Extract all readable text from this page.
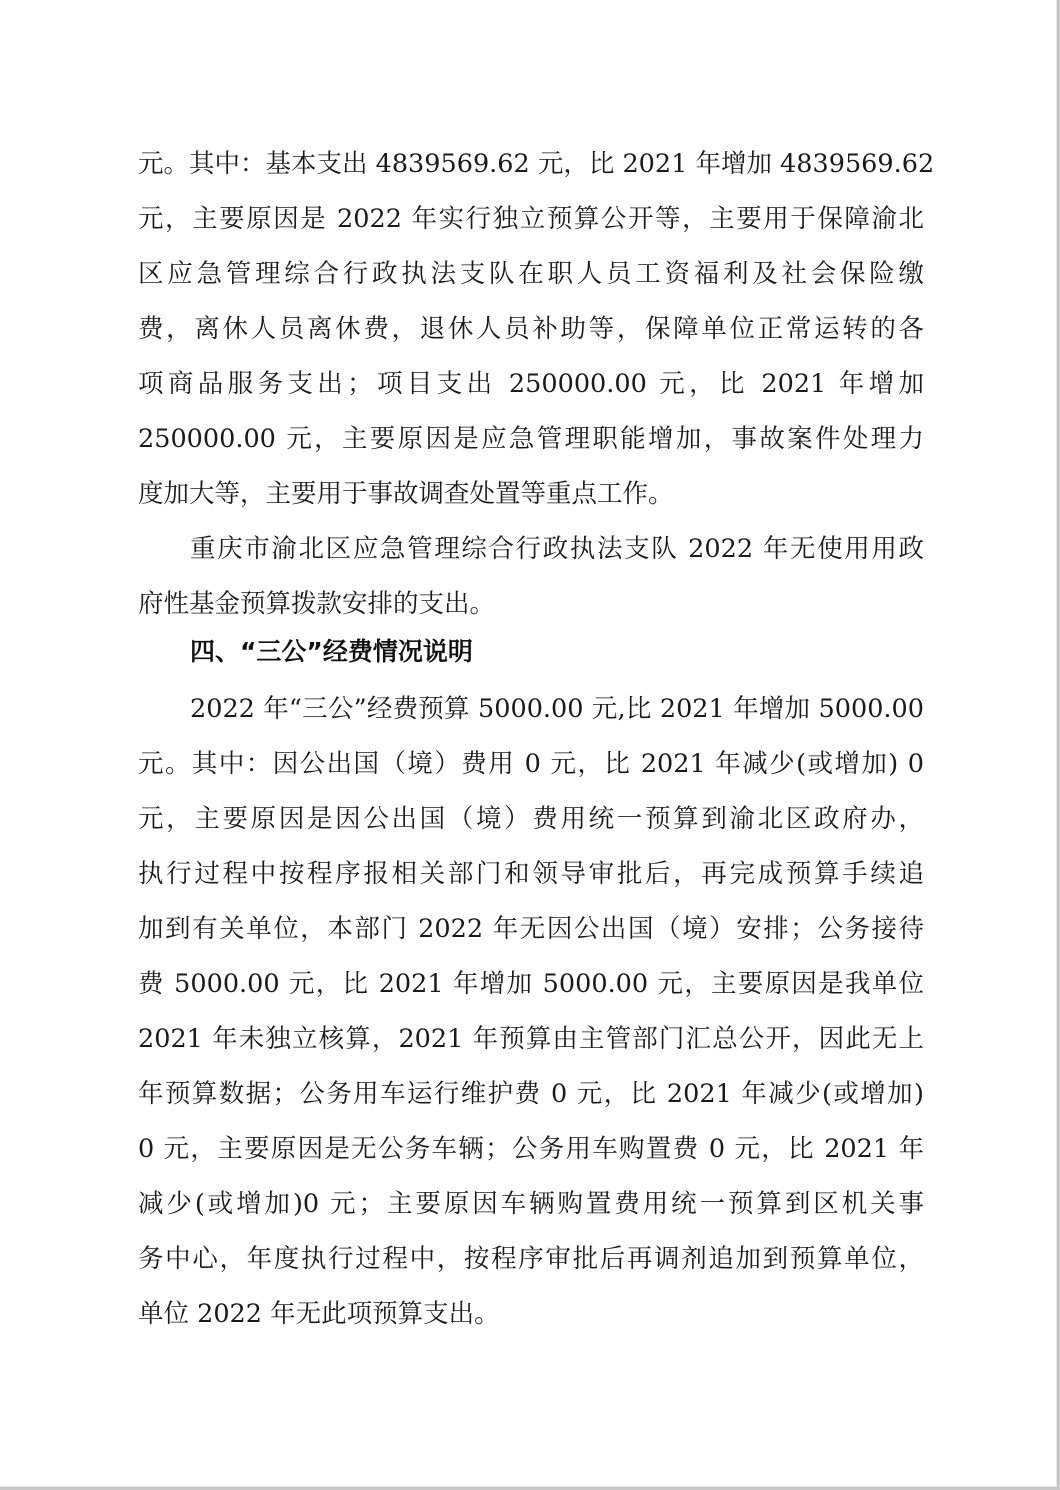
元。其中：基本支出 4839569.62 元，比 2021 年增加 4839569.62

元，主要原因是 2022 年实行独立预算公开等，主要用于保障渝北

区应急管理综合行政执法支队在职人员工资福利及社会保险缴

费，离休人员离休费，退休人员补助等，保障单位正常运转的各

项商品服务支出；项目支出 250000.00 元，比 2021 年增加

250000.00 元，主要原因是应急管理职能增加，事故案件处理力

度加大等，主要用于事故调查处置等重点工作。

重庆市渝北区应急管理综合行政执法支队 2022 年无使用用政

府性基金预算拨款安排的支出。

四、“三公”经费情况说明

2022 年“三公”经费预算 5000.00 元,比 2021 年增加 5000.00

元。其中：因公出国（境）费用 0 元，比 2021 年减少(或增加) 0

元，主要原因是因公出国（境）费用统一预算到渝北区政府办，

执行过程中按程序报相关部门和领导审批后，再完成预算手续追

加到有关单位，本部门 2022 年无因公出国（境）安排；公务接待

费 5000.00 元，比 2021 年增加 5000.00 元，主要原因是我单位

2021 年未独立核算，2021 年预算由主管部门汇总公开，因此无上

年预算数据；公务用车运行维护费 0 元，比 2021 年减少(或增加)

0 元，主要原因是无公务车辆；公务用车购置费 0 元，比 2021 年

减少(或增加)0 元；主要原因车辆购置费用统一预算到区机关事

务中心，年度执行过程中，按程序审批后再调剂追加到预算单位，

单位 2022 年无此项预算支出。
